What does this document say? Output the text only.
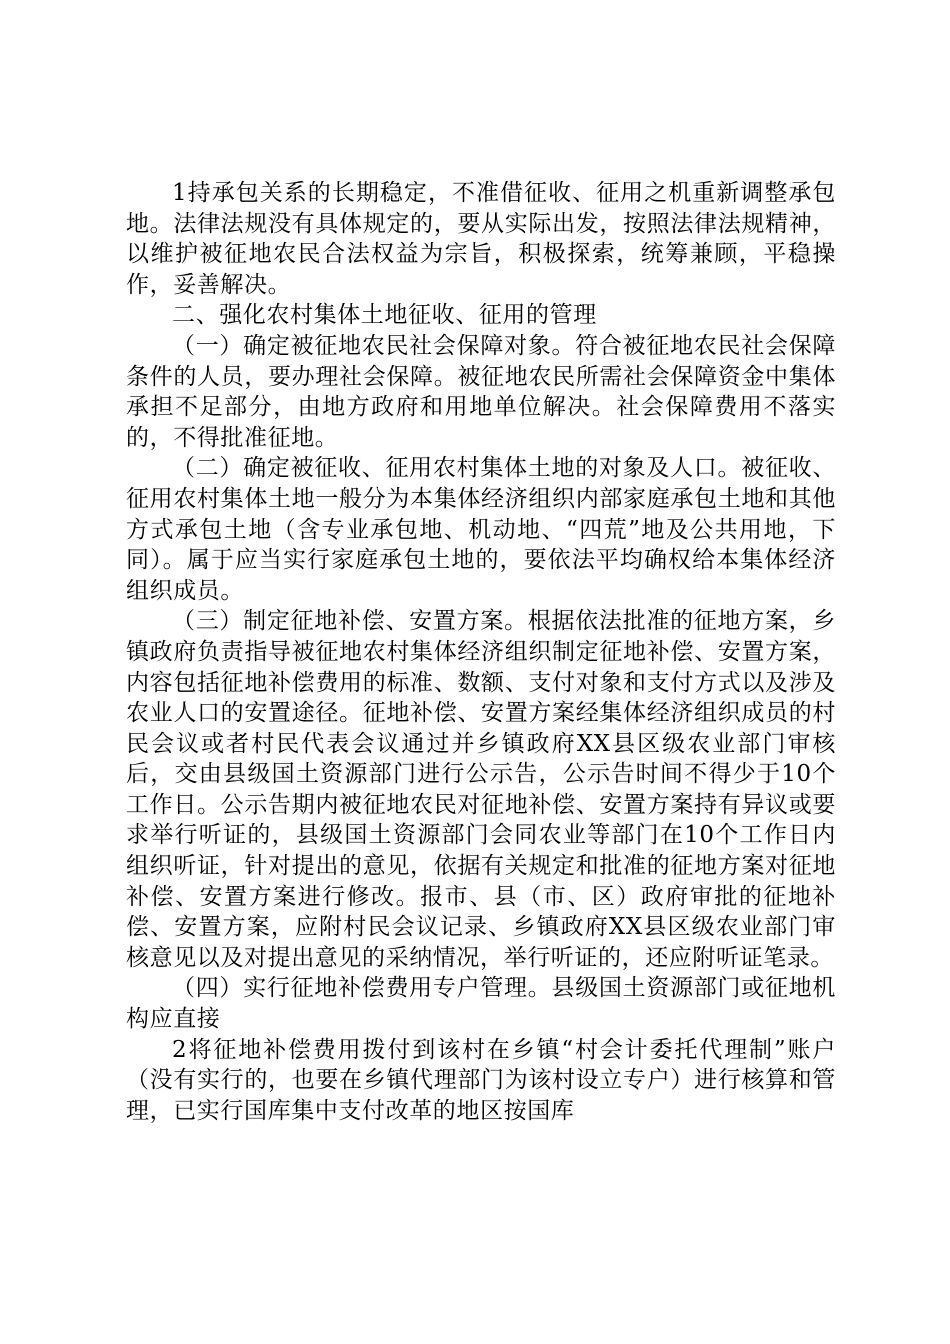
1持承包关系的长期稳定，不准借征收、征用之机重新调整承包地。法律法规没有具体规定的，要从实际出发，按照法律法规精神，以维护被征地农民合法权益为宗旨，积极探索，统筹兼顾，平稳操作，妥善解决。

二、强化农村集体土地征收、征用的管理

（一）确定被征地农民社会保障对象。符合被征地农民社会保障条件的人员，要办理社会保障。被征地农民所需社会保障资金中集体承担不足部分，由地方政府和用地单位解决。社会保障费用不落实的，不得批准征地。

（二）确定被征收、征用农村集体土地的对象及人口。被征收、征用农村集体土地一般分为本集体经济组织内部家庭承包土地和其他方式承包土地（含专业承包地、机动地、“四荒”地及公共用地，下同）。属于应当实行家庭承包土地的，要依法平均确权给本集体经济组织成员。

（三）制定征地补偿、安置方案。根据依法批准的征地方案，乡镇政府负责指导被征地农村集体经济组织制定征地补偿、安置方案，内容包括征地补偿费用的标准、数额、支付对象和支付方式以及涉及农业人口的安置途径。征地补偿、安置方案经集体经济组织成员的村民会议或者村民代表会议通过并乡镇政府XX县区级农业部门审核后，交由县级国土资源部门进行公示告，公示告时间不得少于10个工作日。公示告期内被征地农民对征地补偿、安置方案持有异议或要求举行听证的，县级国土资源部门会同农业等部门在10个工作日内组织听证，针对提出的意见，依据有关规定和批准的征地方案对征地补偿、安置方案进行修改。报市、县（市、区）政府审批的征地补偿、安置方案，应附村民会议记录、乡镇政府XX县区级农业部门审核意见以及对提出意见的采纳情况，举行听证的，还应附听证笔录。

（四）实行征地补偿费用专户管理。县级国土资源部门或征地机构应直接

2将征地补偿费用拨付到该村在乡镇“村会计委托代理制”账户（没有实行的，也要在乡镇代理部门为该村设立专户）进行核算和管理，已实行国库集中支付改革的地区按国库
